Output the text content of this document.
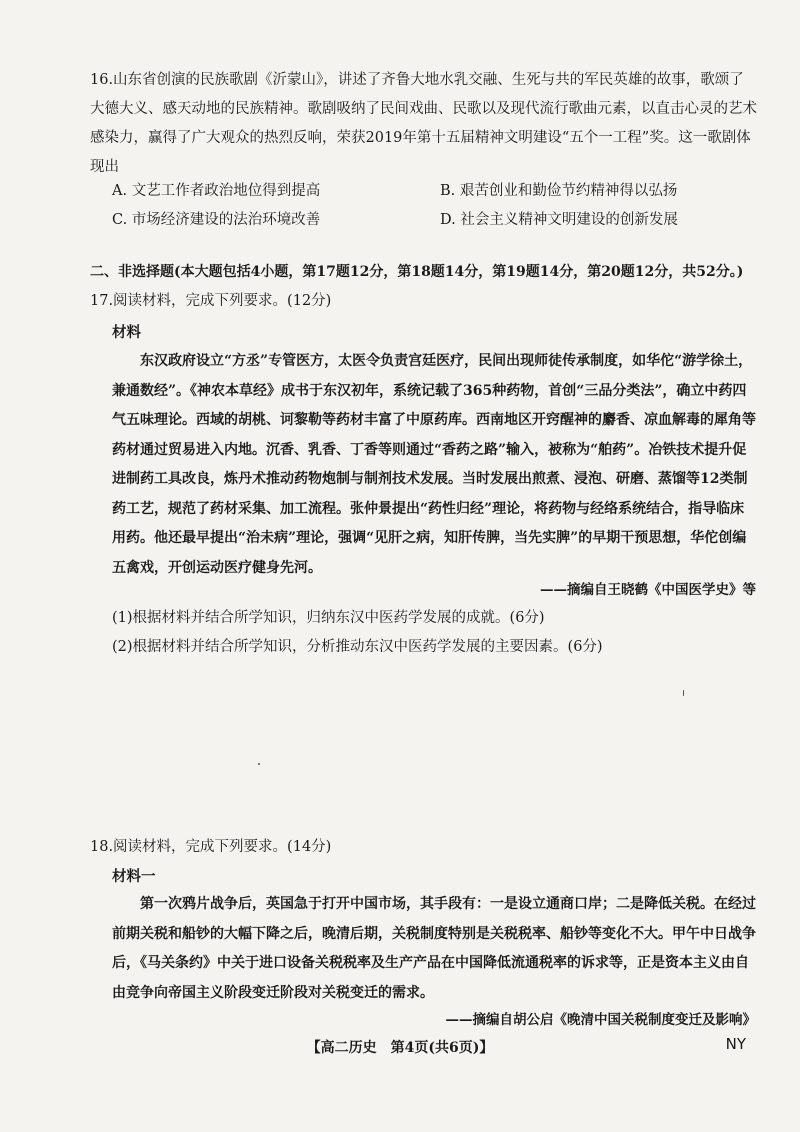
16.山东省创演的民族歌剧《沂蒙山》，讲述了齐鲁大地水乳交融、生死与共的军民英雄的故事，歌颂了大德大义、感天动地的民族精神。歌剧吸纳了民间戏曲、民歌以及现代流行歌曲元素，以直击心灵的艺术感染力，赢得了广大观众的热烈反响，荣获2019年第十五届精神文明建设“五个一工程”奖。这一歌剧体现出
A. 文艺工作者政治地位得到提高	B. 艰苦创业和勤俭节约精神得以弘扬
C. 市场经济建设的法治环境改善	D. 社会主义精神文明建设的创新发展
二、非选择题(本大题包括4小题，第17题12分，第18题14分，第19题14分，第20题12分，共52分。)
17.阅读材料，完成下列要求。(12分)
材料
东汉政府设立“方丞”专管医方，太医令负责宫廷医疗，民间出现师徒传承制度，如华佗“游学徐土，兼通数经”。《神农本草经》成书于东汉初年，系统记载了365种药物，首创“三品分类法”，确立中药四气五味理论。西域的胡桃、诃黎勒等药材丰富了中原药库。西南地区开窍醒神的麝香、凉血解毒的犀角等药材通过贸易进入内地。沉香、乳香、丁香等则通过“香药之路”输入，被称为“舶药”。冶铁技术提升促进制药工具改良，炼丹术推动药物炮制与制剂技术发展。当时发展出煎煮、浸泡、研磨、蒸馏等12类制药工艺，规范了药材采集、加工流程。张仲景提出“药性归经”理论，将药物与经络系统结合，指导临床用药。他还最早提出“治未病”理论，强调“见肝之病，知肝传脾，当先实脾”的早期干预思想，华佗创编五禽戏，开创运动医疗健身先河。
——摘编自王晓鹤《中国医学史》等
(1)根据材料并结合所学知识，归纳东汉中医药学发展的成就。(6分)
(2)根据材料并结合所学知识，分析推动东汉中医药学发展的主要因素。(6分)
18.阅读材料，完成下列要求。(14分)
材料一
第一次鸦片战争后，英国急于打开中国市场，其手段有：一是设立通商口岸；二是降低关税。在经过前期关税和船钞的大幅下降之后，晚清后期，关税制度特别是关税税率、船钞等变化不大。甲午中日战争后，《马关条约》中关于进口设备关税税率及生产产品在中国降低流通税率的诉求等，正是资本主义由自由竞争向帝国主义阶段变迁阶段对关税变迁的需求。
——摘编自胡公启《晚清中国关税制度变迁及影响》
【高二历史　第4页(共6页)】	NY
